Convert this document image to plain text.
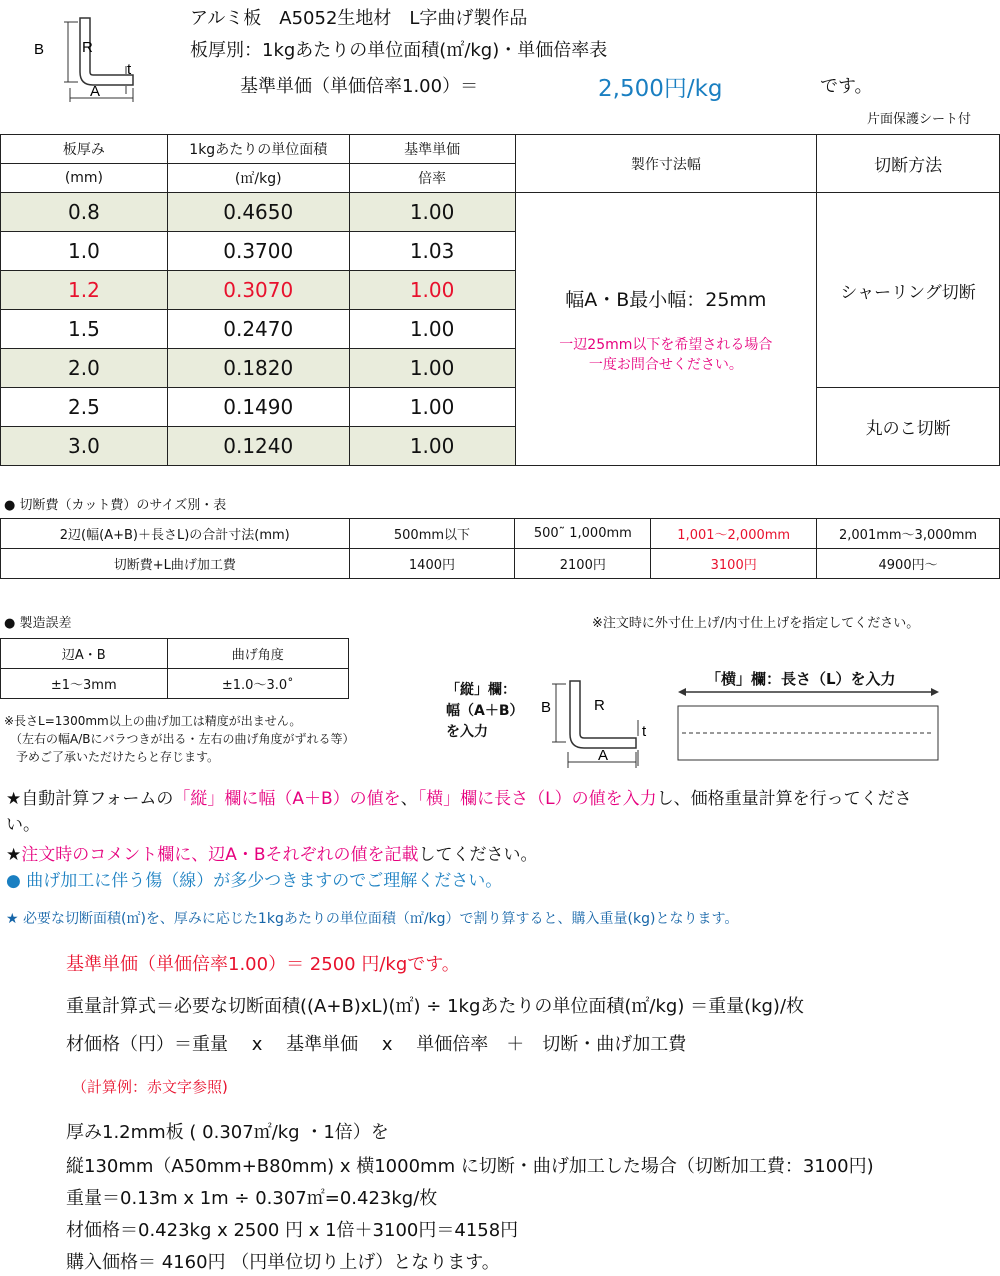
B	R
t
A
アルミ板　A5052生地材　L字曲げ製作品
板厚別：1kgあたりの単位面積(㎡/kg)・単価倍率表
基準単価（単価倍率1.00）＝	2,500円/kg	です。
片面保護シート付
板厚み	1kgあたりの単位面積	基準単価	製作寸法幅	切断方法
(mm)	(㎡/kg)	倍率		
0.8	0.4650	1.00	幅A・B最小幅：25mm
一辺25mm以下を希望される場合
一度お問合せください。	シャーリング切断
1.0	0.3700	1.03		
1.2	0.3070	1.00		
1.5	0.2470	1.00		
2.0	0.1820	1.00		
2.5	0.1490	1.00		丸のこ切断
3.0	0.1240	1.00		
● 切断費（カット費）のサイズ別・表
2辺(幅(A+B)＋長さL)の合計寸法(mm)	500mm以下	500˜ 1,000mm	1,001〜2,000mm	2,001mm〜3,000mm
切断費+L曲げ加工費	1400円	2100円	3100円	4900円〜
● 製造誤差	※注文時に外寸仕上げ/内寸仕上げを指定してください。
辺A・B	曲げ角度
±1〜3mm	±1.0〜3.0˚
※長さL=1300mm以上の曲げ加工は精度が出ません。
（左右の幅A/Bにバラつきが出る・左右の曲げ角度がずれる等）
予めご了承いただけたらと存じます。
「縦」欄：
幅（A＋B）
を入力
B	R
t
A
「横」欄：長さ（L）を入力
★自動計算フォームの「縦」欄に幅（A＋B）の値を、「横」欄に長さ（L）の値を入力し、価格重量計算を行ってくださ
い。
★注文時のコメント欄に、辺A・Bそれぞれの値を記載してください。
● 曲げ加工に伴う傷（線）が多少つきますのでご理解ください。
★ 必要な切断面積(㎡)を、厚みに応じた1kgあたりの単位面積（㎡/kg）で割り算すると、購入重量(kg)となります。
基準単価（単価倍率1.00）＝ 2500 円/kgです。
重量計算式＝必要な切断面積((A+B)xL)(㎡) ÷ 1kgあたりの単位面積(㎡/kg) ＝重量(kg)/枚
材価格（円）＝重量　 x　 基準単価　 x　 単価倍率　＋　切断・曲げ加工費
（計算例：赤文字参照)
厚み1.2mm板 ( 0.307㎡/kg ・1倍）を
縦130mm（A50mm+B80mm) x 横1000mm に切断・曲げ加工した場合（切断加工費：3100円)
重量＝0.13m x 1m ÷ 0.307㎡=0.423kg/枚
材価格＝0.423kg x 2500 円 x 1倍＋3100円＝4158円
購入価格＝ 4160円 （円単位切り上げ）となります。
